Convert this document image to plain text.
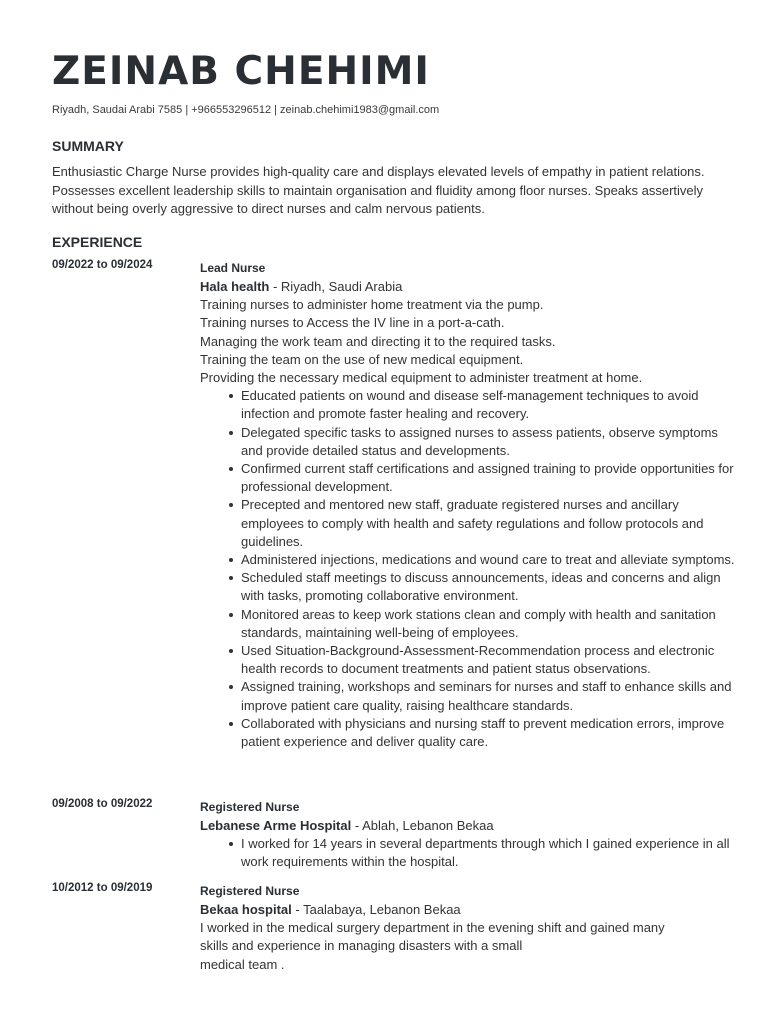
ZEINAB CHEHIMI
Riyadh, Saudai Arabi 7585 | +966553296512 | zeinab.chehimi1983@gmail.com
SUMMARY

Enthusiastic Charge Nurse provides high-quality care and displays elevated levels of empathy in patient relations. Possesses excellent leadership skills to maintain organisation and fluidity among floor nurses. Speaks assertively without being overly aggressive to direct nurses and calm nervous patients.

EXPERIENCE
09/2022 to 09/2024	Lead Nurse
Hala health - Riyadh, Saudi Arabia
Training nurses to administer home treatment via the pump.
Training nurses to Access the IV line in a port-a-cath.
Managing the work team and directing it to the required tasks.
Training the team on the use of new medical equipment.
Providing the necessary medical equipment to administer treatment at home.
Educated patients on wound and disease self-management techniques to avoid infection and promote faster healing and recovery.
Delegated specific tasks to assigned nurses to assess patients, observe symptoms and provide detailed status and developments.
Confirmed current staff certifications and assigned training to provide opportunities for professional development.
Precepted and mentored new staff, graduate registered nurses and ancillary employees to comply with health and safety regulations and follow protocols and guidelines.
Administered injections, medications and wound care to treat and alleviate symptoms.
Scheduled staff meetings to discuss announcements, ideas and concerns and align with tasks, promoting collaborative environment.
Monitored areas to keep work stations clean and comply with health and sanitation standards, maintaining well-being of employees.
Used Situation-Background-Assessment-Recommendation process and electronic health records to document treatments and patient status observations.
Assigned training, workshops and seminars for nurses and staff to enhance skills and improve patient care quality, raising healthcare standards.
Collaborated with physicians and nursing staff to prevent medication errors, improve patient experience and deliver quality care.
09/2008 to 09/2022	Registered Nurse
Lebanese Arme Hospital - Ablah, Lebanon Bekaa
I worked for 14 years in several departments through which I gained experience in all work requirements within the hospital.
10/2012 to 09/2019	Registered Nurse
Bekaa hospital - Taalabaya, Lebanon Bekaa
I worked in the medical surgery department in the evening shift and gained many
skills and experience in managing disasters with a small
medical team .
